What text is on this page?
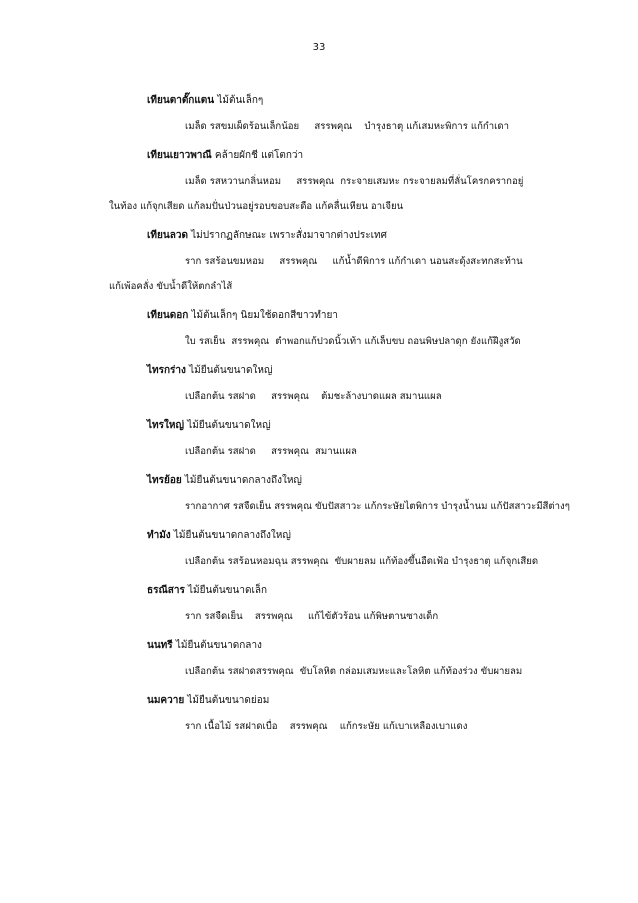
33
เทียนตาตั๊กแตน ไม้ต้นเล็กๆ
เมล็ด รสขมเผ็ดร้อนเล็กน้อย     สรรพคุณ    บำรุงธาตุ แก้เสมหะพิการ แก้กำเดา
เทียนเยาวพาณี คล้ายผักชี แต่โตกว่า
เมล็ด รสหวานกลิ่นหอม     สรรพคุณ  กระจายเสมหะ กระจายลมที่ลั่นโครกครากอยู่
ในท้อง แก้จุกเสียด แก้ลมปั่นป่วนอยู่รอบขอบสะดือ แก้คลื่นเหียน อาเจียน
เทียนลวด ไม่ปรากฏลักษณะ เพราะสั่งมาจากต่างประเทศ
ราก รสร้อนขมหอม     สรรพคุณ     แก้น้ำดีพิการ แก้กำเดา นอนสะดุ้งสะทกสะท้าน
แก้เพ้อคลั่ง ขับน้ำดีให้ตกลำไส้
เทียนดอก ไม้ต้นเล็กๆ นิยมใช้ดอกสีขาวทำยา
ใบ รสเย็น  สรรพคุณ  ตำพอกแก้ปวดนิ้วเท้า แก้เล็บขบ ถอนพิษปลาดุก ยังแก้ฝีงูสวัด
ไทรกร่าง ไม้ยืนต้นขนาดใหญ่
เปลือกต้น รสฝาด     สรรพคุณ    ต้มชะล้างบาดแผล สมานแผล
ไทรใหญ่ ไม้ยืนต้นขนาดใหญ่
เปลือกต้น รสฝาด     สรรพคุณ  สมานแผล
ไทรย้อย ไม้ยืนต้นขนาดกลางถึงใหญ่
รากอากาศ รสจืดเย็น สรรพคุณ ขับปัสสาวะ แก้กระษัยไตพิการ บำรุงน้ำนม แก้ปัสสาวะมีสีต่างๆ
ทำมัง ไม้ยืนต้นขนาดกลางถึงใหญ่
เปลือกต้น รสร้อนหอมฉุน สรรพคุณ  ขับผายลม แก้ท้องขึ้นอืดเฟ้อ บำรุงธาตุ แก้จุกเสียด
ธรณีสาร ไม้ยืนต้นขนาดเล็ก
ราก รสจืดเย็น    สรรพคุณ     แก้ไข้ตัวร้อน แก้พิษตานซางเด็ก
นนทรี ไม้ยืนต้นขนาดกลาง
เปลือกต้น รสฝาดสรรพคุณ  ขับโลหิต กล่อมเสมหะและโลหิต แก้ท้องร่วง ขับผายลม
นมควาย ไม้ยืนต้นขนาดย่อม
ราก เนื้อไม้ รสฝาดเบื่อ    สรรพคุณ    แก้กระษัย แก้เบาเหลืองเบาแดง
